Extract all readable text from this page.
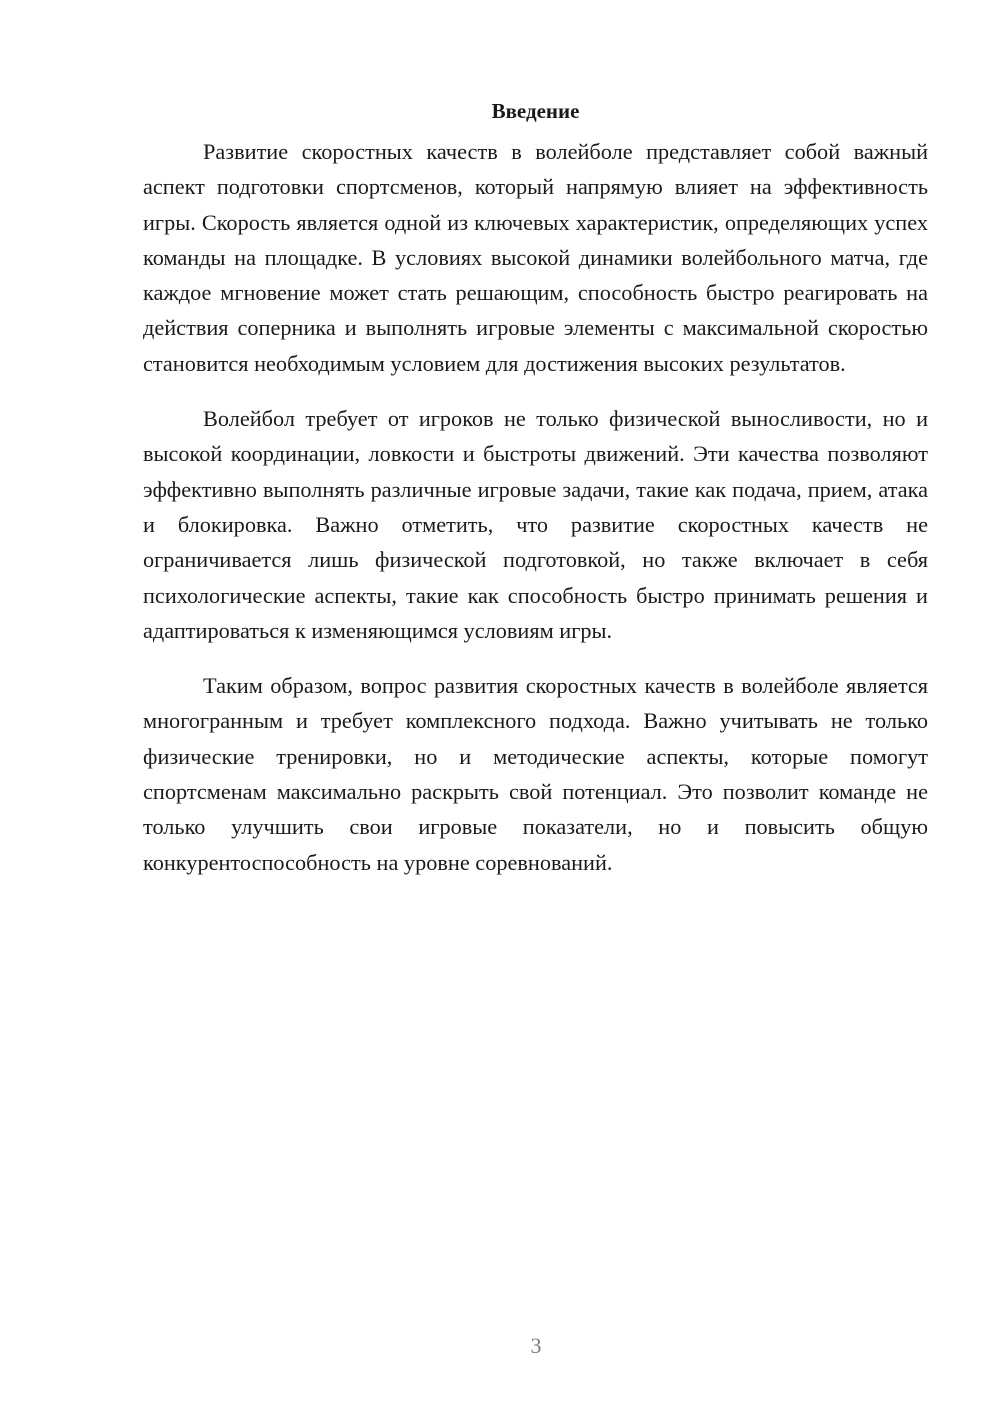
Введение

Развитие скоростных качеств в волейболе представляет собой важный аспект подготовки спортсменов, который напрямую влияет на эффективность игры. Скорость является одной из ключевых характеристик, определяющих успех команды на площадке. В условиях высокой динамики волейбольного матча, где каждое мгновение может стать решающим, способность быстро реагировать на действия соперника и выполнять игровые элементы с максимальной скоростью становится необходимым условием для достижения высоких результатов.

Волейбол требует от игроков не только физической выносливости, но и высокой координации, ловкости и быстроты движений. Эти качества позволяют эффективно выполнять различные игровые задачи, такие как подача, прием, атака и блокировка. Важно отметить, что развитие скоростных качеств не ограничивается лишь физической подготовкой, но также включает в себя психологические аспекты, такие как способность быстро принимать решения и адаптироваться к изменяющимся условиям игры.

Таким образом, вопрос развития скоростных качеств в волейболе является многогранным и требует комплексного подхода. Важно учитывать не только физические тренировки, но и методические аспекты, которые помогут спортсменам максимально раскрыть свой потенциал. Это позволит команде не только улучшить свои игровые показатели, но и повысить общую конкурентоспособность на уровне соревнований.

3
